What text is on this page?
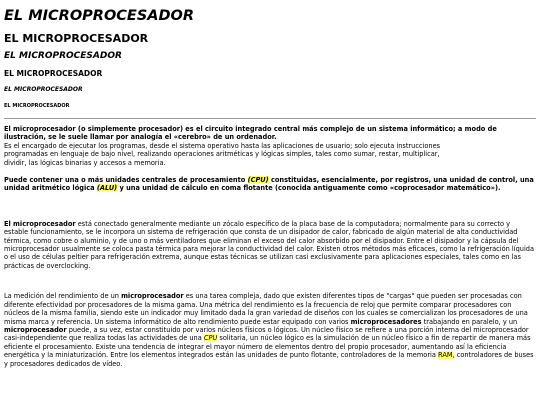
EL MICROPROCESADOR
EL MICROPROCESADOR
EL MICROPROCESADOR
EL MICROPROCESADOR
EL MICROPROCESADOR
EL MICROPROCESADOR

El microprocesador (o simplemente procesador) es el circuito integrado central más complejo de un sistema informático; a modo de ilustración, se le suele llamar por analogía el «cerebro» de un ordenador.
Es el encargado de ejecutar los programas, desde el sistema operativo hasta las aplicaciones de usuario; solo ejecuta instrucciones
programadas en lenguaje de bajo nivel, realizando operaciones aritméticas y lógicas simples, tales como sumar, restar, multiplicar,
dividir, las lógicas binarias y accesos a memoria.

Puede contener una o más unidades centrales de procesamiento (CPU) constituidas, esencialmente, por registros, una unidad de control, una unidad aritmético lógica (ALU) y una unidad de cálculo en coma flotante (conocida antiguamente como «coprocesador matemático»).

El microprocesador está conectado generalmente mediante un zócalo específico de la placa base de la computadora; normalmente para su correcto y estable funcionamiento, se le incorpora un sistema de refrigeración que consta de un disipador de calor, fabricado de algún material de alta conductividad térmica, como cobre o aluminio, y de uno o más ventiladores que eliminan el exceso del calor absorbido por el disipador. Entre el disipador y la cápsula del microprocesador usualmente se coloca pasta térmica para mejorar la conductividad del calor. Existen otros métodos más eficaces, como la refrigeración líquida o el uso de células peltier para refrigeración extrema, aunque estas técnicas se utilizan casi exclusivamente para aplicaciones especiales, tales como en las prácticas de overclocking.

La medición del rendimiento de un microprocesador es una tarea compleja, dado que existen diferentes tipos de "cargas" que pueden ser procesadas con diferente efectividad por procesadores de la misma gama. Una métrica del rendimiento es la frecuencia de reloj que permite comparar procesadores con núcleos de la misma familia, siendo este un indicador muy limitado dada la gran variedad de diseños con los cuales se comercializan los procesadores de una misma marca y referencia. Un sistema informático de alto rendimiento puede estar equipado con varios microprocesadores trabajando en paralelo, y un microprocesador puede, a su vez, estar constituido por varios núcleos físicos o lógicos. Un núcleo físico se refiere a una porción interna del microprocesador casi-independiente que realiza todas las actividades de una CPU solitaria, un núcleo lógico es la simulación de un núcleo físico a fin de repartir de manera más eficiente el procesamiento. Existe una tendencia de integrar el mayor número de elementos dentro del propio procesador, aumentando así la eficiencia energética y la miniaturización. Entre los elementos integrados están las unidades de punto flotante, controladores de la memoria RAM, controladores de buses y procesadores dedicados de vídeo.
